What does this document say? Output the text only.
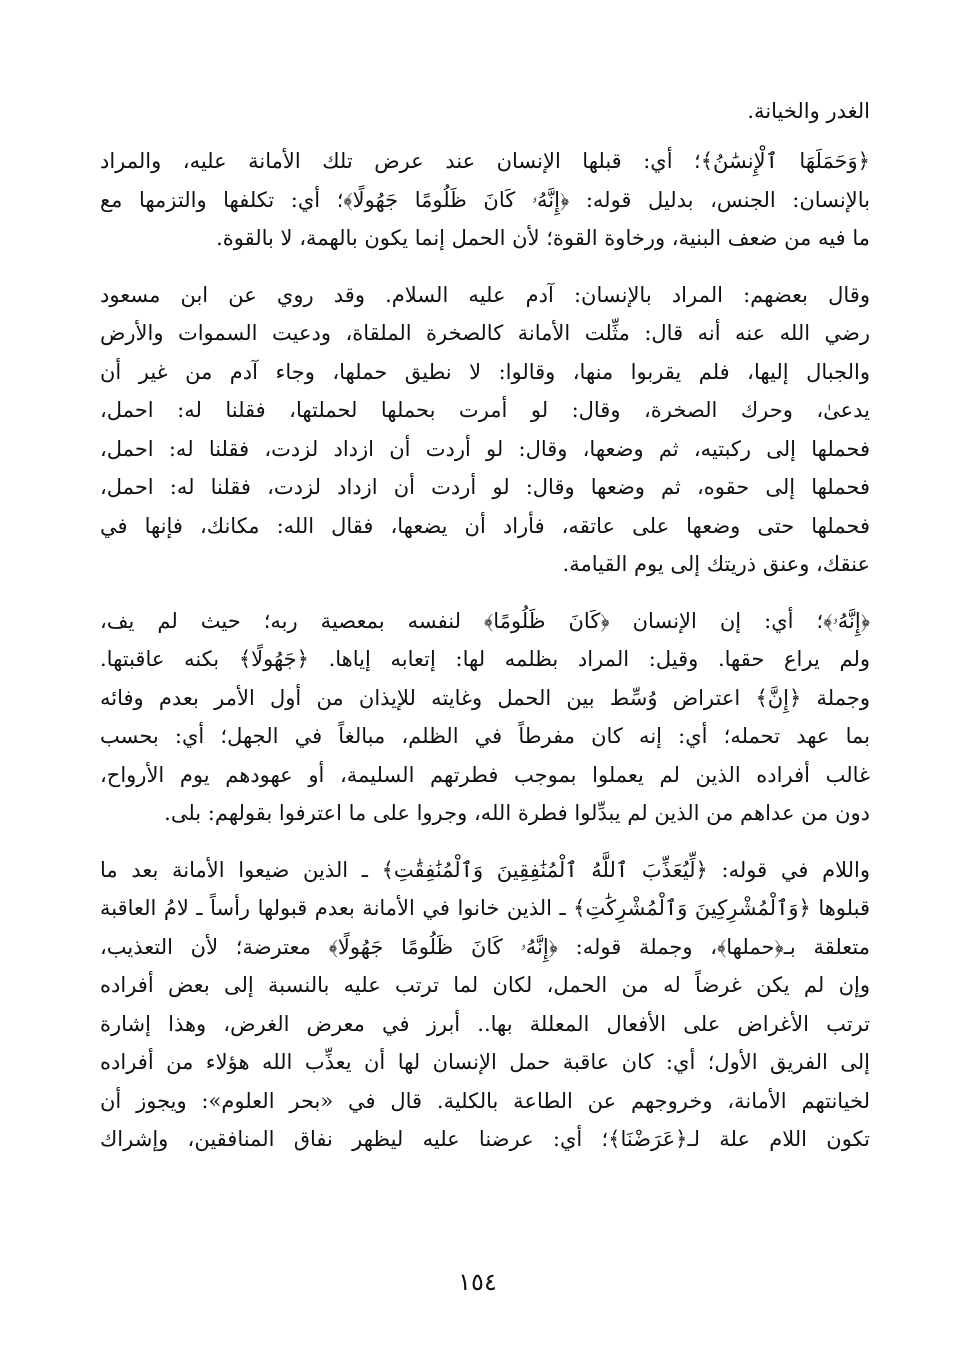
الغدر والخيانة.
﴿وَحَمَلَهَا ٱلْإِنسَٰنُ﴾؛ أي: قبلها الإنسان عند عرض تلك الأمانة عليه، والمراد
بالإنسان: الجنس، بدليل قوله: ﴿إِنَّهُۥ كَانَ ظَلُومًا جَهُولًا﴾؛ أي: تكلفها والتزمها مع
ما فيه من ضعف البنية، ورخاوة القوة؛ لأن الحمل إنما يكون بالهمة، لا بالقوة.
وقال بعضهم: المراد بالإنسان: آدم عليه السلام. وقد روي عن ابن مسعود
رضي الله عنه أنه قال: مثِّلت الأمانة كالصخرة الملقاة، ودعيت السموات والأرض
والجبال إليها، فلم يقربوا منها، وقالوا: لا نطيق حملها، وجاء آدم من غير أن
يدعىٰ، وحرك الصخرة، وقال: لو أمرت بحملها لحملتها، فقلنا له: احمل،
فحملها إلى ركبتيه، ثم وضعها، وقال: لو أردت أن ازداد لزدت، فقلنا له: احمل،
فحملها إلى حقوه، ثم وضعها وقال: لو أردت أن ازداد لزدت، فقلنا له: احمل،
فحملها حتى وضعها على عاتقه، فأراد أن يضعها، فقال الله: مكانك، فإنها في
عنقك، وعنق ذريتك إلى يوم القيامة.
﴿إِنَّهُۥ﴾؛ أي: إن الإنسان ﴿كَانَ ظَلُومًا﴾ لنفسه بمعصية ربه؛ حيث لم يف،
ولم يراع حقها. وقيل: المراد بظلمه لها: إتعابه إياها. ﴿جَهُولًا﴾ بكنه عاقبتها.
وجملة ﴿إِنَّ﴾ اعتراض وُسِّط بين الحمل وغايته للإيذان من أول الأمر بعدم وفائه
بما عهد تحمله؛ أي: إنه كان مفرطاً في الظلم، مبالغاً في الجهل؛ أي: بحسب
غالب أفراده الذين لم يعملوا بموجب فطرتهم السليمة، أو عهودهم يوم الأرواح،
دون من عداهم من الذين لم يبدِّلوا فطرة الله، وجروا على ما اعترفوا بقولهم: بلى.
واللام في قوله: ﴿لِّيُعَذِّبَ ٱللَّهُ ٱلْمُنَٰفِقِينَ وَٱلْمُنَٰفِقَٰتِ﴾ ـ الذين ضيعوا الأمانة بعد ما
قبلوها ﴿وَٱلْمُشْرِكِينَ وَٱلْمُشْرِكَٰتِ﴾ ـ الذين خانوا في الأمانة بعدم قبولها رأساً ـ لامُ العاقبة
متعلقة بـ﴿حملها﴾، وجملة قوله: ﴿إِنَّهُۥ كَانَ ظَلُومًا جَهُولًا﴾ معترضة؛ لأن التعذيب،
وإن لم يكن غرضاً له من الحمل، لكان لما ترتب عليه بالنسبة إلى بعض أفراده
ترتب الأغراض على الأفعال المعللة بها.. أبرز في معرض الغرض، وهذا إشارة
إلى الفريق الأول؛ أي: كان عاقبة حمل الإنسان لها أن يعذِّب الله هؤلاء من أفراده
لخيانتهم الأمانة، وخروجهم عن الطاعة بالكلية. قال في «بحر العلوم»: ويجوز أن
تكون اللام علة لـ﴿عَرَضْنَا﴾؛ أي: عرضنا عليه ليظهر نفاق المنافقين، وإشراك
١٥٤
